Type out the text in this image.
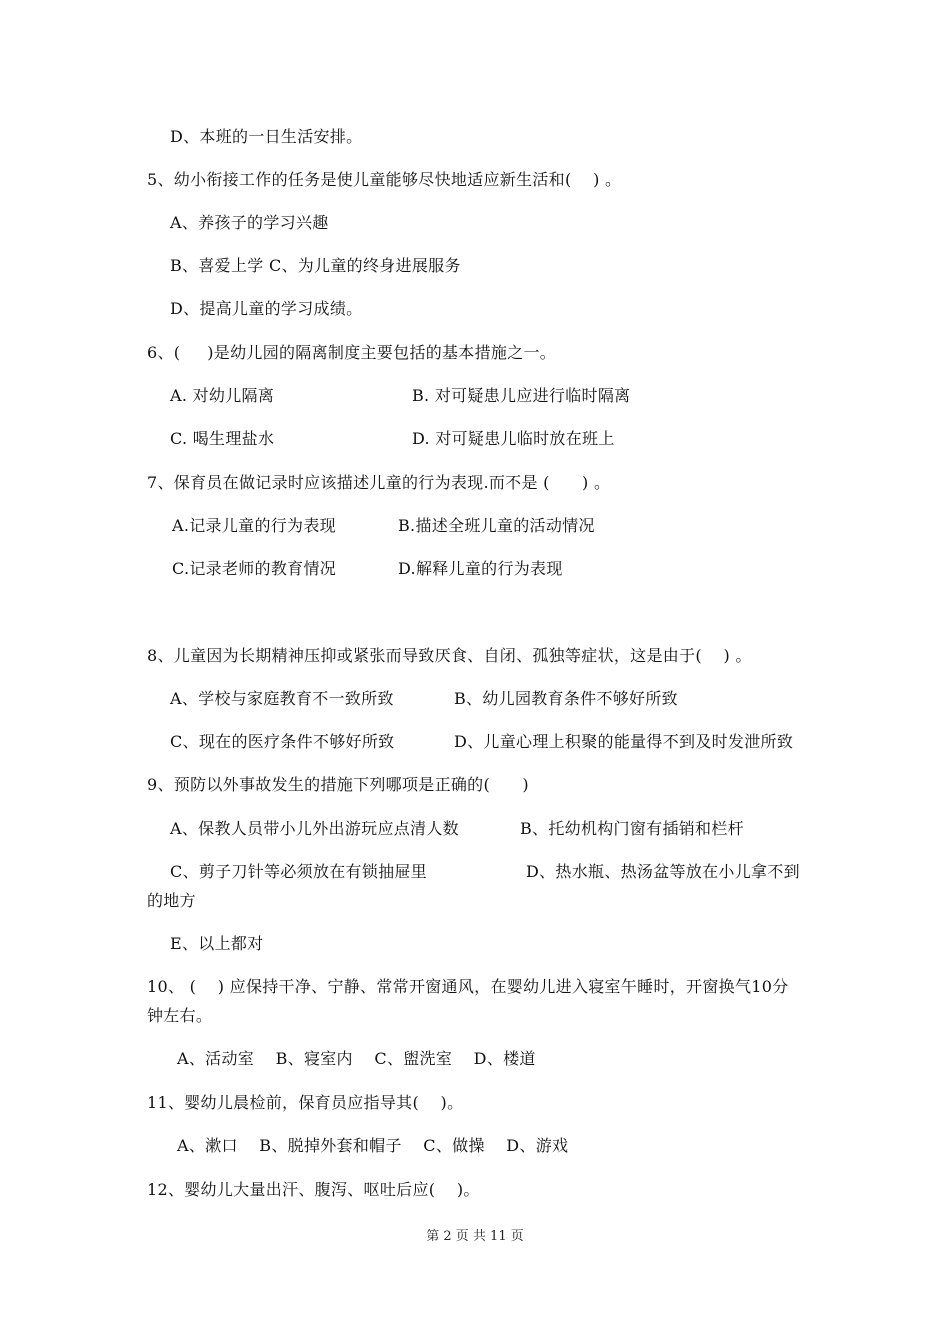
D、本班的一日生活安排。
5、幼小衔接工作的任务是使儿童能够尽快地适应新生活和(    ) 。
A、养孩子的学习兴趣
B、喜爱上学 C、为儿童的终身进展服务
D、提高儿童的学习成绩。
6、(     )是幼儿园的隔离制度主要包括的基本措施之一。
A. 对幼儿隔离	B. 对可疑患儿应进行临时隔离
C. 喝生理盐水	D. 对可疑患儿临时放在班上
7、保育员在做记录时应该描述儿童的行为表现.而不是 (      ) 。
A.记录儿童的行为表现	B.描述全班儿童的活动情况
C.记录老师的教育情况	D.解释儿童的行为表现
8、儿童因为长期精神压抑或紧张而导致厌食、自闭、孤独等症状，这是由于(    ) 。
A、学校与家庭教育不一致所致	B、幼儿园教育条件不够好所致
C、现在的医疗条件不够好所致	D、儿童心理上积聚的能量得不到及时发泄所致
9、预防以外事故发生的措施下列哪项是正确的(      )
A、保教人员带小儿外出游玩应点清人数	B、托幼机构门窗有插销和栏杆
C、剪子刀针等必须放在有锁抽屉里	D、热水瓶、热汤盆等放在小儿拿不到
的地方
E、以上都对
10、 (    ) 应保持干净、宁静、常常开窗通风，在婴幼儿进入寝室午睡时，开窗换气10分
钟左右。
A、活动室    B、寝室内    C、盥洗室    D、楼道
11、婴幼儿晨检前，保育员应指导其(    )。
A、漱口    B、脱掉外套和帽子    C、做操    D、游戏
12、婴幼儿大量出汗、腹泻、呕吐后应(    )。
第 2 页 共 11 页
